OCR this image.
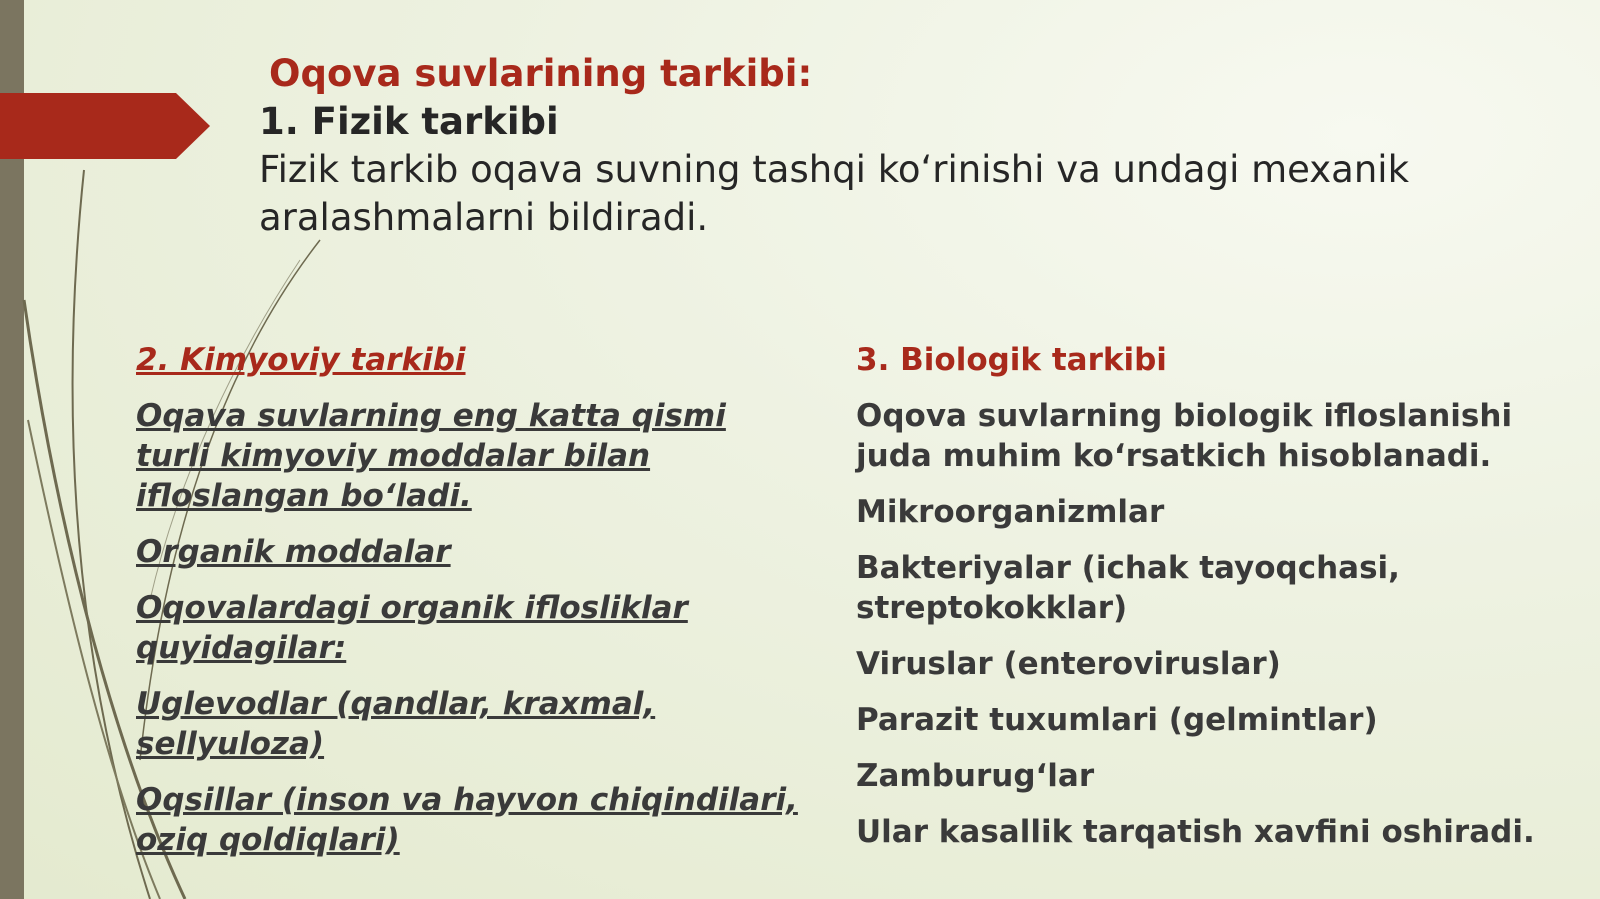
Oqova suvlarining tarkibi:
1. Fizik tarkibi
Fizik tarkib oqava suvning tashqi ko‘rinishi va undagi mexanik aralashmalarni bildiradi.
2. Kimyoviy tarkibi
Oqava suvlarning eng katta qismi turli kimyoviy moddalar bilan ifloslangan bo‘ladi.
Organik moddalar
Oqovalardagi organik ifloslikl​ar quyidagilar:
Uglevodlar (qandlar, kraxmal, sellyuloza)
Oqsillar (inson va hayvon chiqindilari, oziq qoldiqlari)
3. Biologik tarkibi
Oqova suvlarning biologik ifloslanishi juda muhim ko‘rsatkich hisoblanadi.
Mikroorganizmlar
Bakteriyalar (ichak tayoqchasi, streptokokklar)
Viruslar (enteroviruslar)
Parazit tuxumlari (gelmintlar)
Zamburug‘lar
Ular kasallik tarqatish xavfini oshiradi.
